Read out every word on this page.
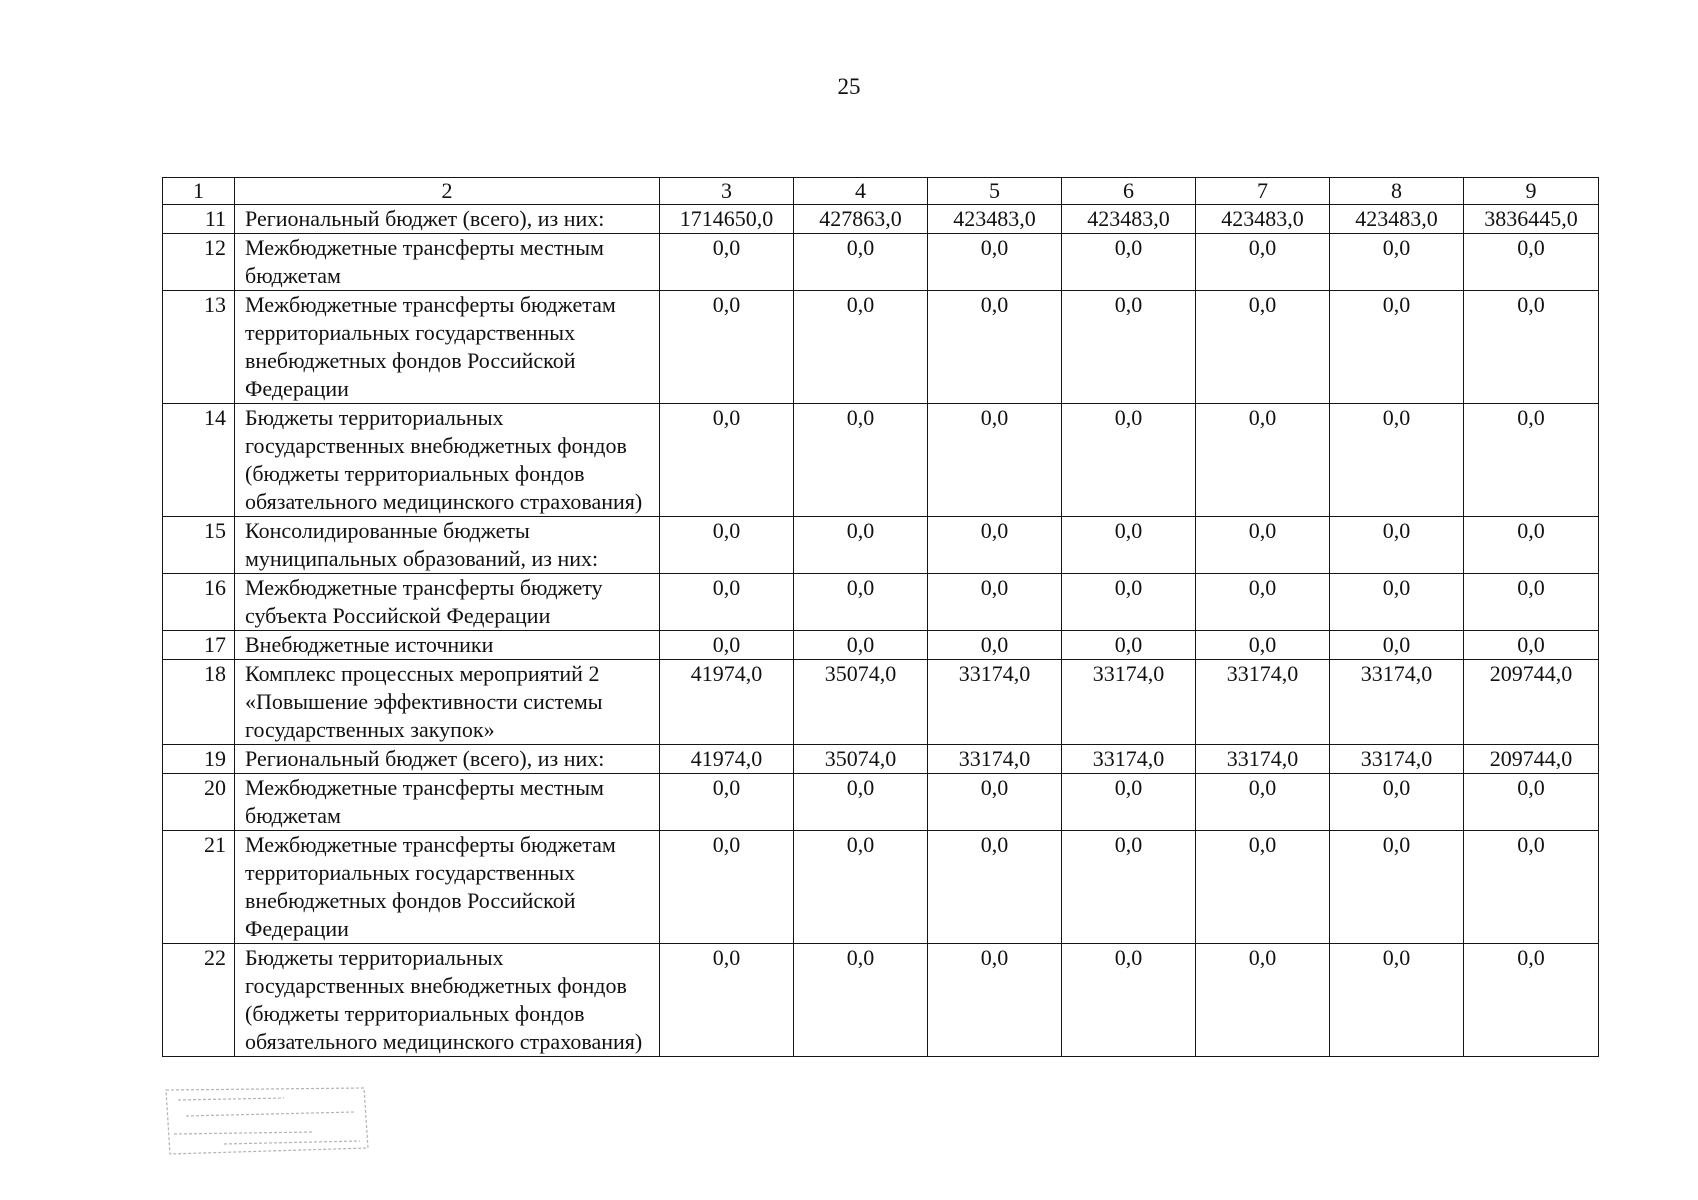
25
1	2	3	4	5	6	7	8	9
11	Региональный бюджет (всего), из них:	1714650,0	427863,0	423483,0	423483,0	423483,0	423483,0	3836445,0
12	Межбюджетные трансферты местным бюджетам	0,0	0,0	0,0	0,0	0,0	0,0	0,0
13	Межбюджетные трансферты бюджетам территориальных государственных внебюджетных фондов Российской Федерации	0,0	0,0	0,0	0,0	0,0	0,0	0,0
14	Бюджеты территориальных государственных внебюджетных фондов (бюджеты территориальных фондов обязательного медицинского страхования)	0,0	0,0	0,0	0,0	0,0	0,0	0,0
15	Консолидированные бюджеты муниципальных образований, из них:	0,0	0,0	0,0	0,0	0,0	0,0	0,0
16	Межбюджетные трансферты бюджету субъекта Российской Федерации	0,0	0,0	0,0	0,0	0,0	0,0	0,0
17	Внебюджетные источники	0,0	0,0	0,0	0,0	0,0	0,0	0,0
18	Комплекс процессных мероприятий 2 «Повышение эффективности системы государственных закупок»	41974,0	35074,0	33174,0	33174,0	33174,0	33174,0	209744,0
19	Региональный бюджет (всего), из них:	41974,0	35074,0	33174,0	33174,0	33174,0	33174,0	209744,0
20	Межбюджетные трансферты местным бюджетам	0,0	0,0	0,0	0,0	0,0	0,0	0,0
21	Межбюджетные трансферты бюджетам территориальных государственных внебюджетных фондов Российской Федерации	0,0	0,0	0,0	0,0	0,0	0,0	0,0
22	Бюджеты территориальных государственных внебюджетных фондов (бюджеты территориальных фондов обязательного медицинского страхования)	0,0	0,0	0,0	0,0	0,0	0,0	0,0
